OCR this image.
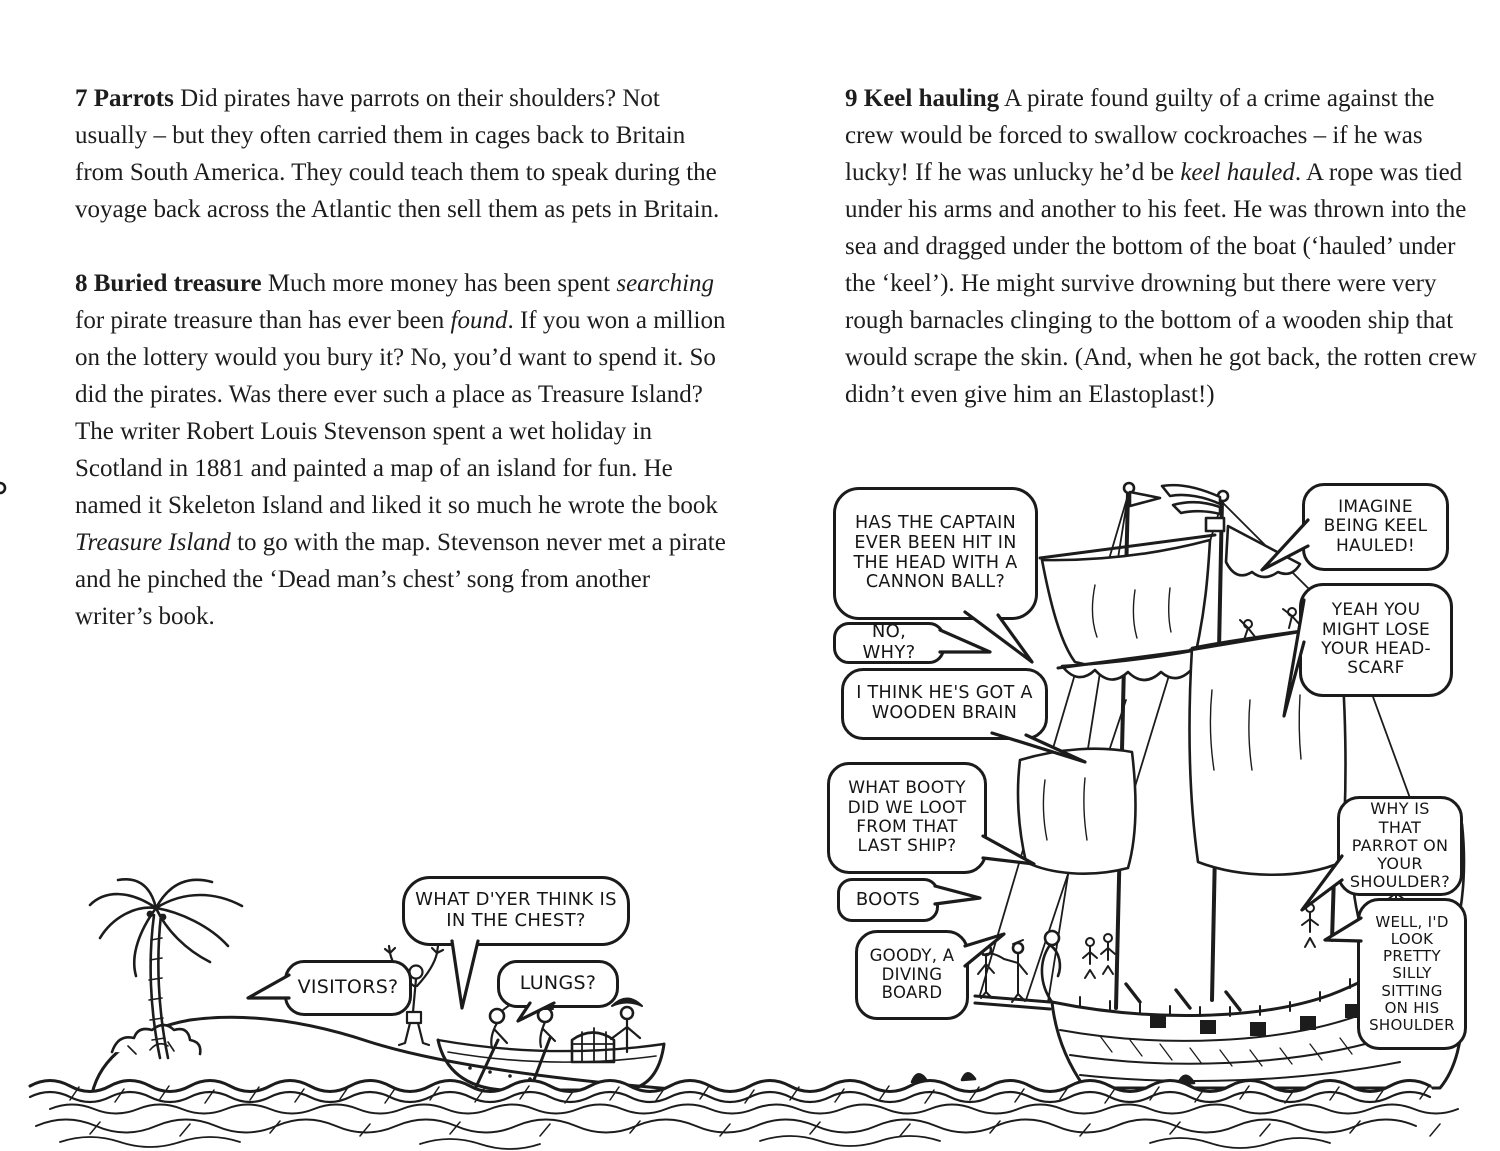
7 Parrots Did pirates have parrots on their shoulders? Not usually – but they often carried them in cages back to Britain from South America. They could teach them to speak during the voyage back across the Atlantic then sell them as pets in Britain.

8 Buried treasure Much more money has been spent searching for pirate treasure than has ever been found. If you won a million on the lottery would you bury it? No, you’d want to spend it. So did the pirates. Was there ever such a place as Treasure Island? The writer Robert Louis Stevenson spent a wet holiday in Scotland in 1881 and painted a map of an island for fun. He named it Skeleton Island and liked it so much he wrote the book Treasure Island to go with the map. Stevenson never met a pirate and he pinched the ‘Dead man’s chest’ song from another writer’s book.

9 Keel hauling A pirate found guilty of a crime against the crew would be forced to swallow cockroaches – if he was lucky! If he was unlucky he’d be keel hauled. A rope was tied under his arms and another to his feet. He was thrown into the sea and dragged under the bottom of the boat (‘hauled’ under the ‘keel’). He might survive drowning but there were very rough barnacles clinging to the bottom of a wooden ship that would scrape the skin. (And, when he got back, the rotten crew didn’t even give him an Elastoplast!)

HAS THE CAPTAIN EVER BEEN HIT IN THE HEAD WITH A CANNON BALL?
NO, WHY?
I THINK HE'S GOT A WOODEN BRAIN
IMAGINE BEING KEEL HAULED!
YEAH YOU MIGHT LOSE YOUR HEAD-SCARF
WHAT BOOTY DID WE LOOT FROM THAT LAST SHIP?
BOOTS
GOODY, A DIVING BOARD
WHY IS THAT PARROT ON YOUR SHOULDER?
WELL, I'D LOOK PRETTY SILLY SITTING ON HIS SHOULDER
WHAT D'YER THINK IS IN THE CHEST?
VISITORS?	LUNGS?
